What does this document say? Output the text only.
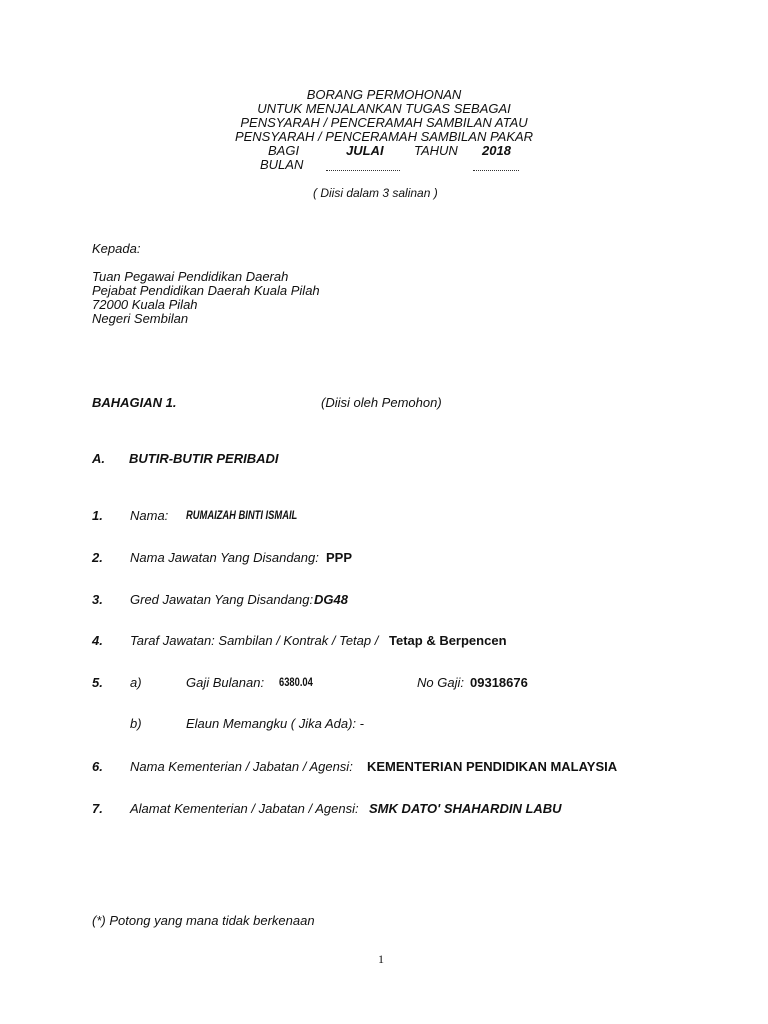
BORANG PERMOHONAN
UNTUK MENJALANKAN TUGAS SEBAGAI
PENSYARAH / PENCERAMAH SAMBILAN ATAU
PENSYARAH / PENCERAMAH SAMBILAN PAKAR
BAGI	JULAI TAHUN 2018
BULAN
( Diisi dalam 3 salinan )
Kepada:
Tuan Pegawai Pendidikan Daerah
Pejabat Pendidikan Daerah Kuala Pilah
72000 Kuala Pilah
Negeri Sembilan
BAHAGIAN 1.	(Diisi oleh Pemohon)
A. BUTIR-BUTIR PERIBADI
1. Nama: RUMAIZAH BINTI ISMAIL
2. Nama Jawatan Yang Disandang: PPP
3. Gred Jawatan Yang Disandang: DG48
4. Taraf Jawatan: Sambilan / Kontrak / Tetap / Tetap & Berpencen
5. a)	Gaji Bulanan: 6380.04	No Gaji: 09318676
b)	Elaun Memangku ( Jika Ada): -
6. Nama Kementerian / Jabatan / Agensi: KEMENTERIAN PENDIDIKAN MALAYSIA
7. Alamat Kementerian / Jabatan / Agensi: SMK DATO' SHAHARDIN LABU
(*) Potong yang mana tidak berkenaan
1
